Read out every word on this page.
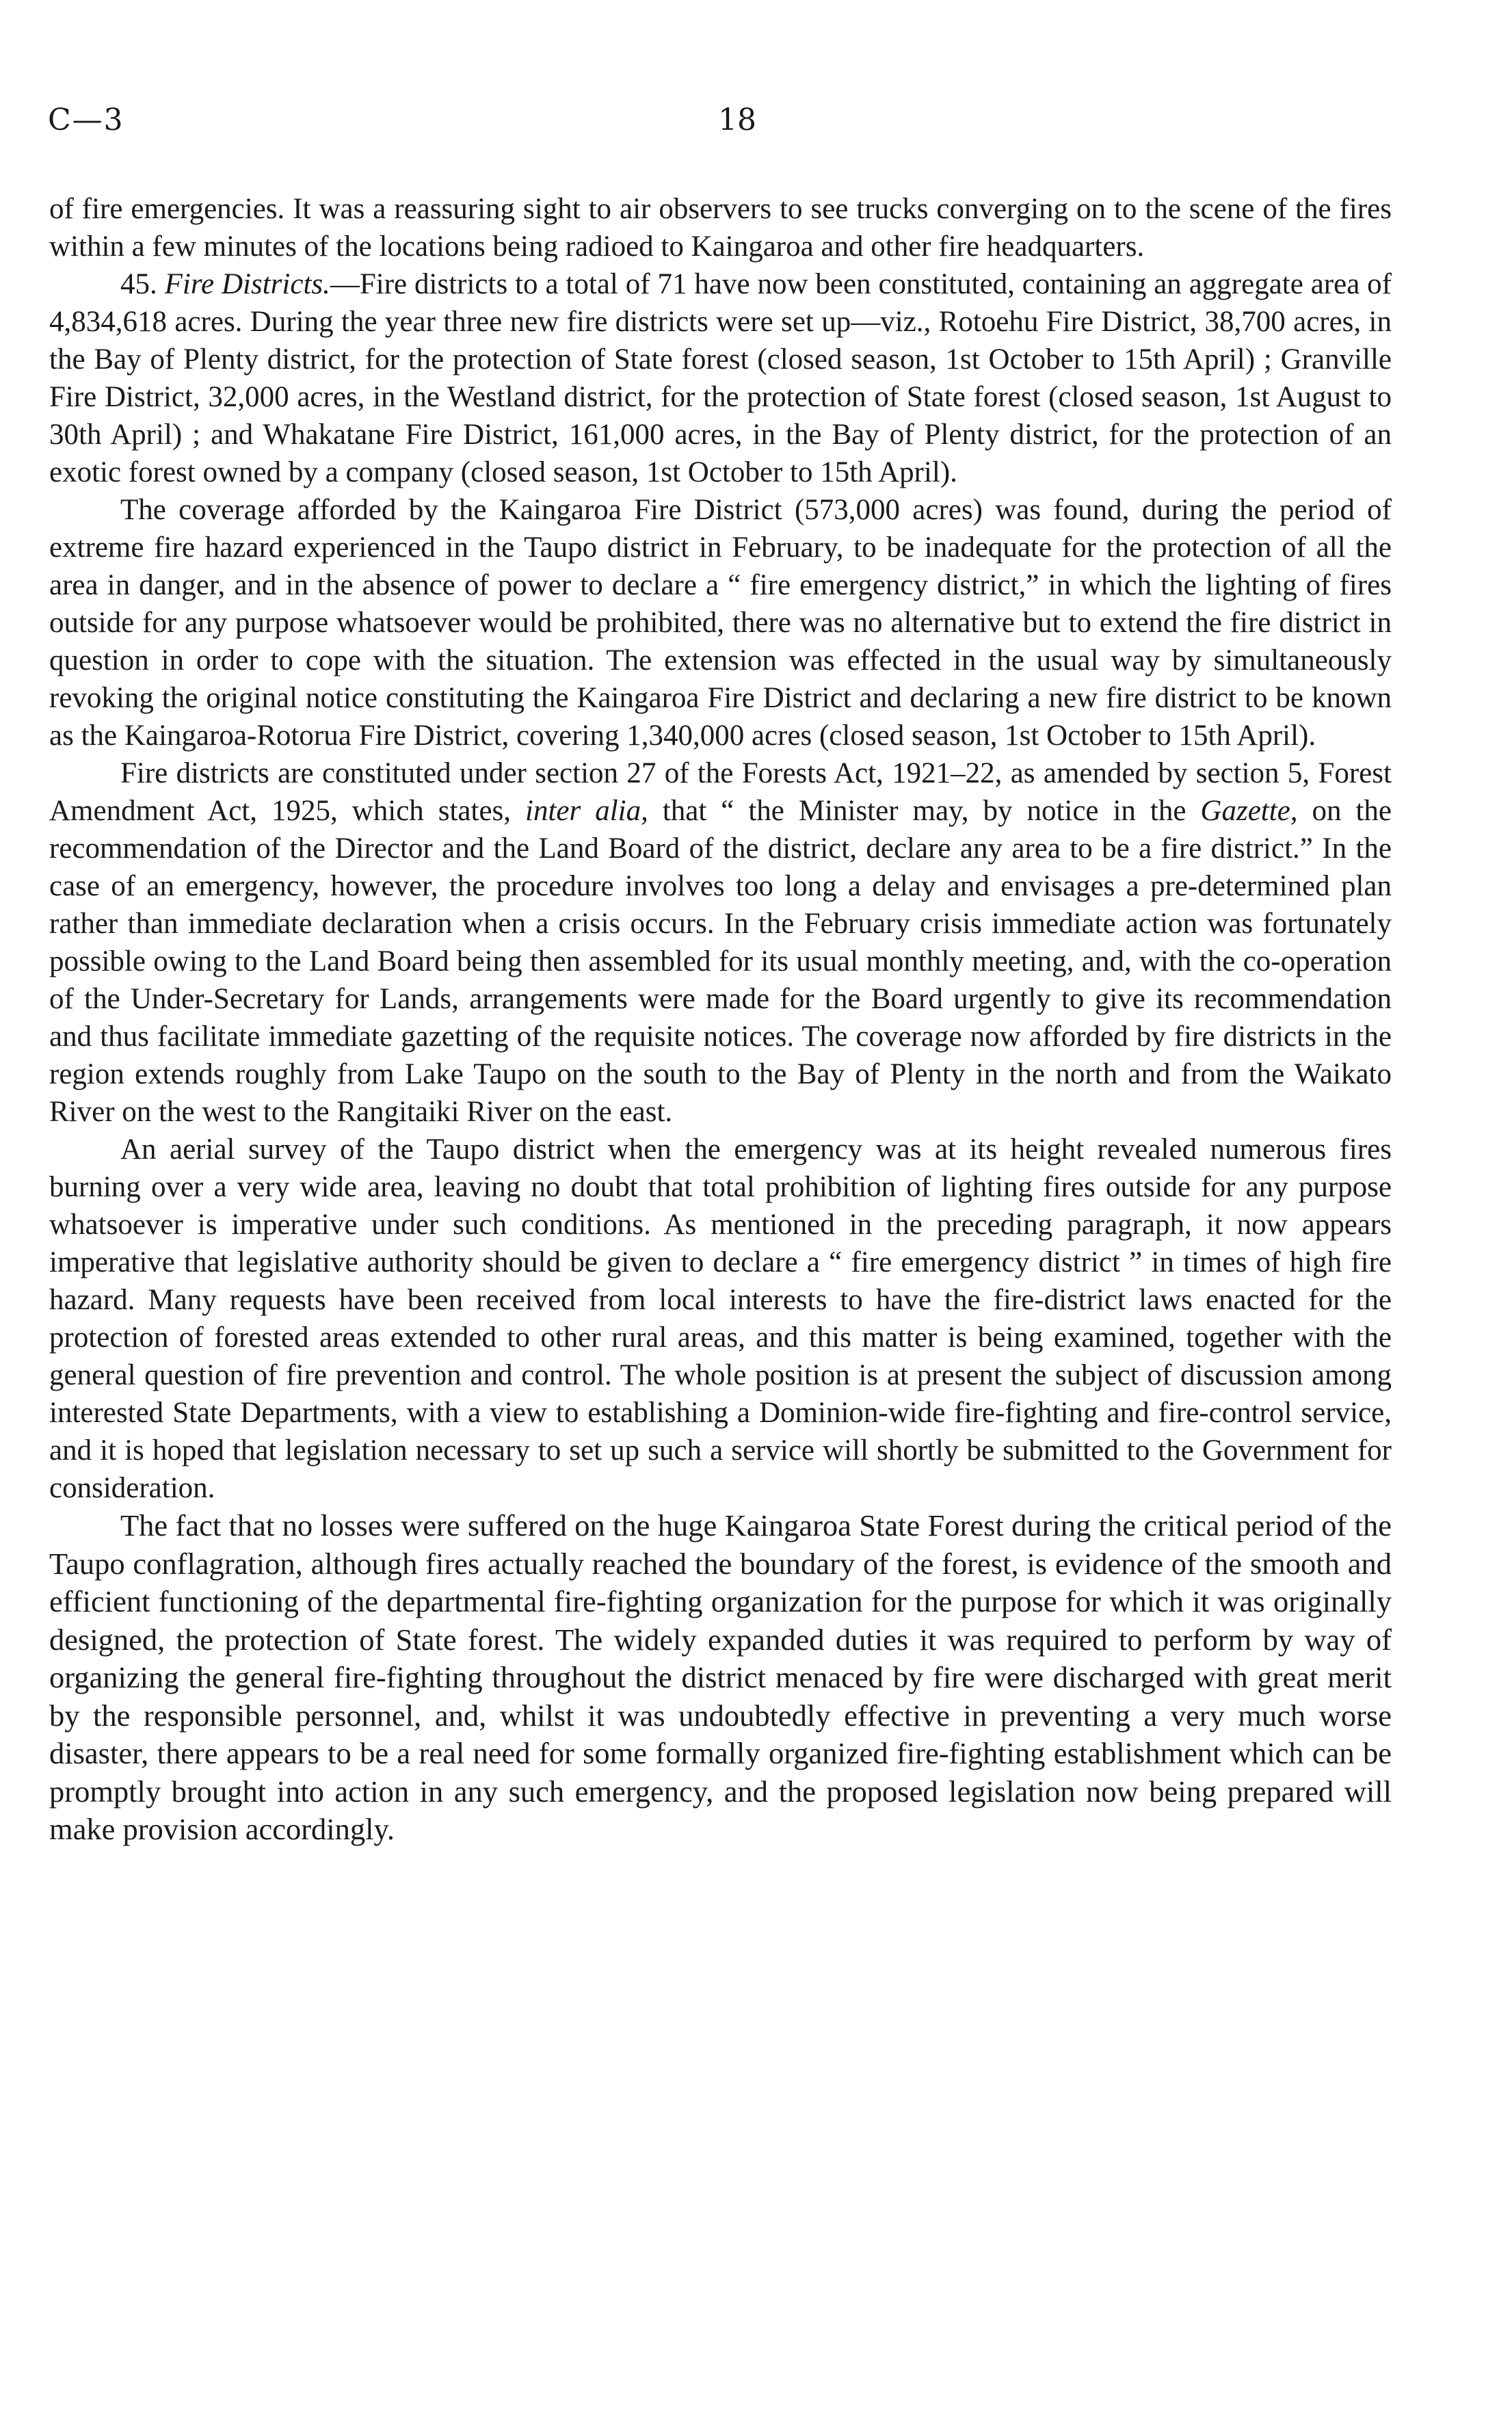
C—3	18

of fire emergencies. It was a reassuring sight to air observers to see trucks converging on to the scene of the fires within a few minutes of the locations being radioed to Kaingaroa and other fire headquarters.

45. Fire Districts.—Fire districts to a total of 71 have now been constituted, containing an aggregate area of 4,834,618 acres. During the year three new fire districts were set up—viz., Rotoehu Fire District, 38,700 acres, in the Bay of Plenty district, for the protection of State forest (closed season, 1st October to 15th April) ; Granville Fire District, 32,000 acres, in the Westland district, for the protection of State forest (closed season, 1st August to 30th April) ; and Whakatane Fire District, 161,000 acres, in the Bay of Plenty district, for the protection of an exotic forest owned by a company (closed season, 1st October to 15th April).

The coverage afforded by the Kaingaroa Fire District (573,000 acres) was found, during the period of extreme fire hazard experienced in the Taupo district in February, to be inadequate for the protection of all the area in danger, and in the absence of power to declare a “ fire emergency district,” in which the lighting of fires outside for any purpose whatsoever would be prohibited, there was no alternative but to extend the fire district in question in order to cope with the situation. The extension was effected in the usual way by simultaneously revoking the original notice constituting the Kaingaroa Fire District and declaring a new fire district to be known as the Kaingaroa-Rotorua Fire District, covering 1,340,000 acres (closed season, 1st October to 15th April).

Fire districts are constituted under section 27 of the Forests Act, 1921–22, as amended by section 5, Forest Amendment Act, 1925, which states, inter alia, that “ the Minister may, by notice in the Gazette, on the recommendation of the Director and the Land Board of the district, declare any area to be a fire district.” In the case of an emergency, however, the procedure involves too long a delay and envisages a pre-determined plan rather than immediate declaration when a crisis occurs. In the February crisis immediate action was fortunately possible owing to the Land Board being then assembled for its usual monthly meeting, and, with the co-operation of the Under-Secretary for Lands, arrangements were made for the Board urgently to give its recommendation and thus facilitate immediate gazetting of the requisite notices. The coverage now afforded by fire districts in the region extends roughly from Lake Taupo on the south to the Bay of Plenty in the north and from the Waikato River on the west to the Rangitaiki River on the east.

An aerial survey of the Taupo district when the emergency was at its height revealed numerous fires burning over a very wide area, leaving no doubt that total prohibition of lighting fires outside for any purpose whatsoever is imperative under such conditions. As mentioned in the preceding paragraph, it now appears imperative that legislative authority should be given to declare a “ fire emergency district ” in times of high fire hazard. Many requests have been received from local interests to have the fire-district laws enacted for the protection of forested areas extended to other rural areas, and this matter is being examined, together with the general question of fire prevention and control. The whole position is at present the subject of discussion among interested State Departments, with a view to establishing a Dominion-wide fire-fighting and fire-control service, and it is hoped that legislation necessary to set up such a service will shortly be submitted to the Government for consideration.

The fact that no losses were suffered on the huge Kaingaroa State Forest during the critical period of the Taupo conflagration, although fires actually reached the boundary of the forest, is evidence of the smooth and efficient functioning of the departmental fire-fighting organization for the purpose for which it was originally designed, the protection of State forest. The widely expanded duties it was required to perform by way of organizing the general fire-fighting throughout the district menaced by fire were discharged with great merit by the responsible personnel, and, whilst it was undoubtedly effective in preventing a very much worse disaster, there appears to be a real need for some formally organized fire-fighting establishment which can be promptly brought into action in any such emergency, and the proposed legislation now being prepared will make provision accordingly.
